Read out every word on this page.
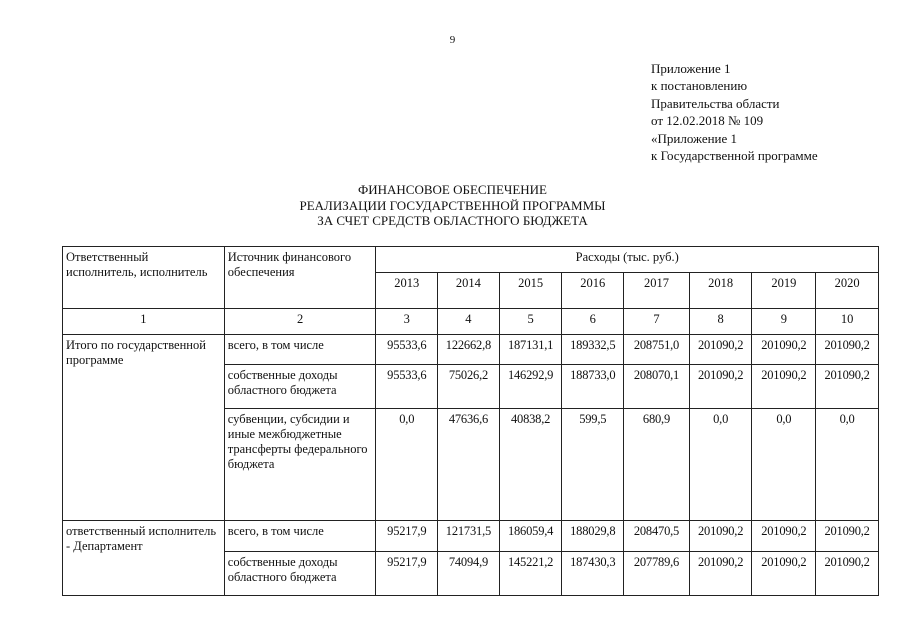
9
Приложение 1
к постановлению
Правительства области
от 12.02.2018 № 109
«Приложение 1
к Государственной программе
ФИНАНСОВОЕ ОБЕСПЕЧЕНИЕ
РЕАЛИЗАЦИИ ГОСУДАРСТВЕННОЙ ПРОГРАММЫ
ЗА СЧЕТ СРЕДСТВ ОБЛАСТНОГО БЮДЖЕТА
Ответственный исполнитель, исполнитель	Источник финансового обеспечения	Расходы (тыс. руб.)							
		2013	2014	2015	2016	2017	2018	2019	2020
1	2	3	4	5	6	7	8	9	10
Итого по государственной программе	всего, в том числе	95533,6	122662,8	187131,1	189332,5	208751,0	201090,2	201090,2	201090,2
	собственные доходы областного бюджета	95533,6	75026,2	146292,9	188733,0	208070,1	201090,2	201090,2	201090,2
	субвенции, субсидии и иные межбюджетные трансферты федерального бюджета	0,0	47636,6	40838,2	599,5	680,9	0,0	0,0	0,0
ответственный исполнитель - Департамент	всего, в том числе	95217,9	121731,5	186059,4	188029,8	208470,5	201090,2	201090,2	201090,2
	собственные доходы областного бюджета	95217,9	74094,9	145221,2	187430,3	207789,6	201090,2	201090,2	201090,2
